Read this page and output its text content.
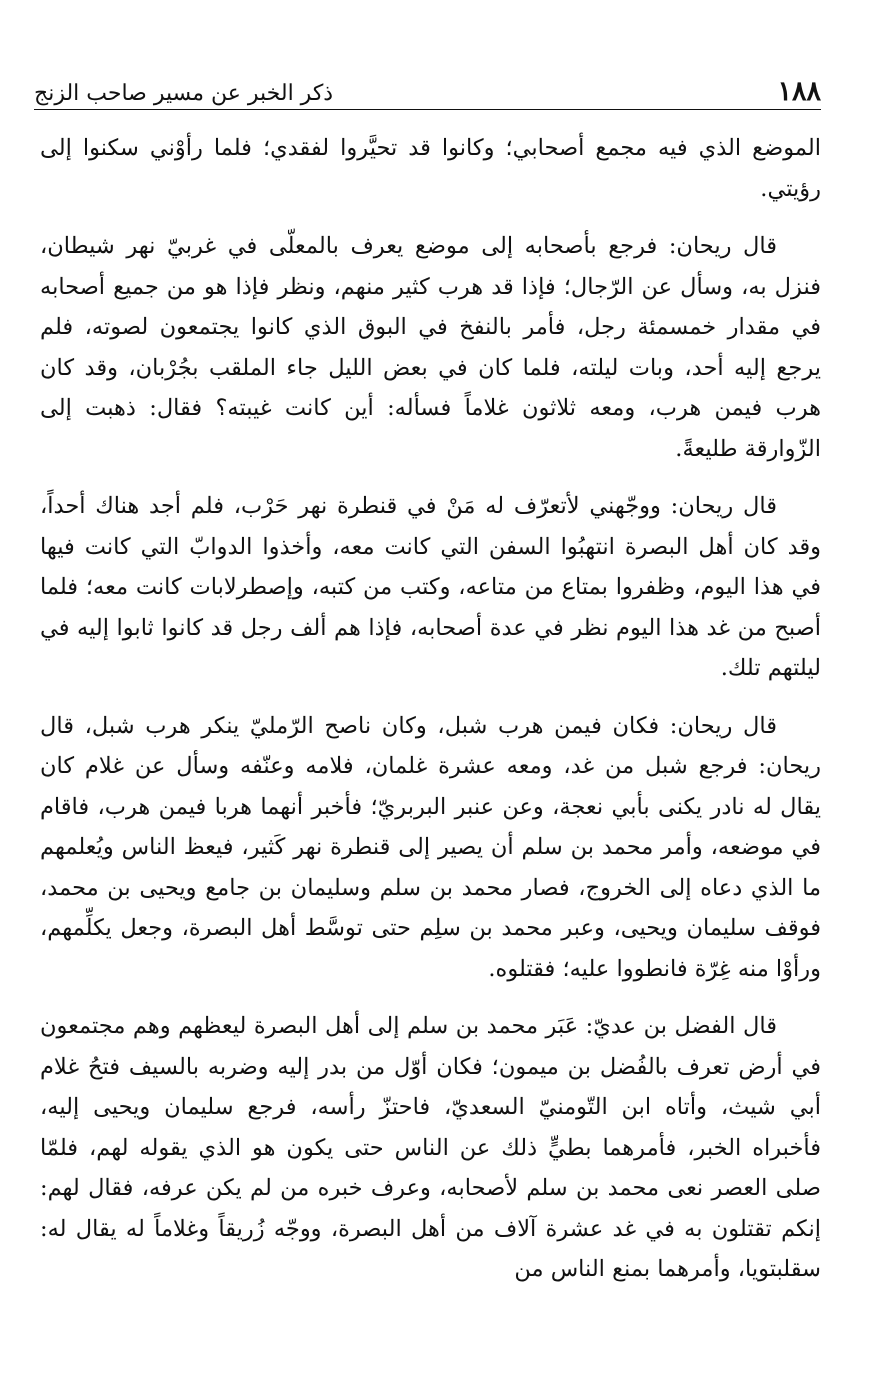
١٨٨
ذكر الخبر عن مسير صاحب الزنج

الموضع الذي فيه مجمع أصحابي؛ وكانوا قد تحيَّروا لفقدي؛ فلما رأوْني سكنوا إلى رؤيتي.

قال ريحان: فرجع بأصحابه إلى موضع يعرف بالمعلّى في غربيّ نهر شيطان، فنزل به، وسأل عن الرّجال؛ فإذا قد هرب كثير منهم، ونظر فإذا هو من جميع أصحابه في مقدار خمسمئة رجل، فأمر بالنفخ في البوق الذي كانوا يجتمعون لصوته، فلم يرجع إليه أحد، وبات ليلته، فلما كان في بعض الليل جاء الملقب بجُرْبان، وقد كان هرب فيمن هرب، ومعه ثلاثون غلاماً فسأله: أين كانت غيبته؟ فقال: ذهبت إلى الزّوارقة طليعةً.

قال ريحان: ووجّهني لأتعرّف له مَنْ في قنطرة نهر حَرْب، فلم أجد هناك أحداً، وقد كان أهل البصرة انتهبُوا السفن التي كانت معه، وأخذوا الدوابّ التي كانت فيها في هذا اليوم، وظفروا بمتاع من متاعه، وكتب من كتبه، وإصطرلابات كانت معه؛ فلما أصبح من غد هذا اليوم نظر في عدة أصحابه، فإذا هم ألف رجل قد كانوا ثابوا إليه في ليلتهم تلك.

قال ريحان: فكان فيمن هرب شبل، وكان ناصح الرّمليّ ينكر هرب شبل، قال ريحان: فرجع شبل من غد، ومعه عشرة غلمان، فلامه وعنّفه وسأل عن غلام كان يقال له نادر يكنى بأبي نعجة، وعن عنبر البربريّ؛ فأخبر أنهما هربا فيمن هرب، فاقام في موضعه، وأمر محمد بن سلم أن يصير إلى قنطرة نهر كَثير، فيعظ الناس ويُعلمهم ما الذي دعاه إلى الخروج، فصار محمد بن سلم وسليمان بن جامع ويحيى بن محمد، فوقف سليمان ويحيى، وعبر محمد بن سلِم حتى توسَّط أهل البصرة، وجعل يكلِّمهم، ورأوْا منه غِرّة فانطووا عليه؛ فقتلوه.

قال الفضل بن عديّ: عَبَر محمد بن سلم إلى أهل البصرة ليعظهم وهم مجتمعون في أرض تعرف بالفُضل بن ميمون؛ فكان أوّل من بدر إليه وضربه بالسيف فتحُ غلام أبي شيث، وأتاه ابن التّومنيّ السعديّ، فاحتزّ رأسه، فرجع سليمان ويحيى إليه، فأخبراه الخبر، فأمرهما بطيٍّ ذلك عن الناس حتى يكون هو الذي يقوله لهم، فلمّا صلى العصر نعى محمد بن سلم لأصحابه، وعرف خبره من لم يكن عرفه، فقال لهم: إنكم تقتلون به في غد عشرة آلاف من أهل البصرة، ووجّه زُريقاً وغلاماً له يقال له: سقلبتويا، وأمرهما بمنع الناس من
